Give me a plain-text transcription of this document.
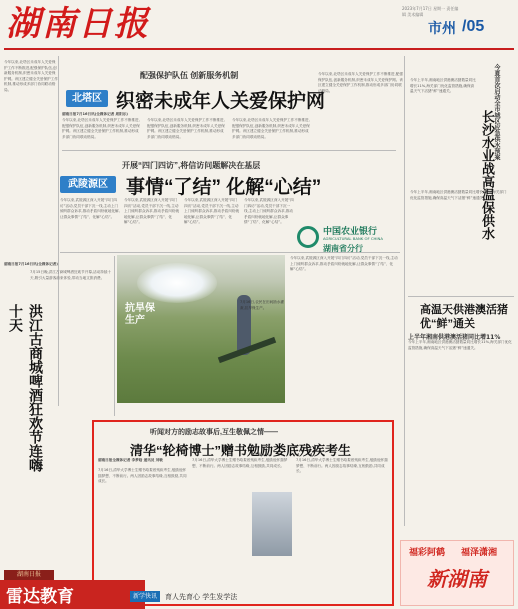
湖南日报	2023年7月17日 星期一 责任编辑 美术编辑
市州 /05
配强保护队伍 创新服务机制
北塔区 织密未成年人关爱保护网
湖南日报7月16日讯(全媒体记者 周阳乐)
今年以来,北塔区未成年人关爱保护工作不断推进,配强保护队伍,创新服务机制,织密未成年人关爱保护网。该区建立健全关爱保护工作机制,推动形成多部门协同联动格局。
今年以来,北塔区未成年人关爱保护工作不断推进,配强保护队伍,创新服务机制,织密未成年人关爱保护网。该区建立健全关爱保护工作机制,推动形成多部门协同联动格局。
今年以来,北塔区未成年人关爱保护工作不断推进,配强保护队伍,创新服务机制,织密未成年人关爱保护网。该区建立健全关爱保护工作机制,推动形成多部门协同联动格局。
今年以来,北塔区未成年人关爱保护工作不断推进,配强保护队伍,创新服务机制,织密未成年人关爱保护网。该区建立健全关爱保护工作机制,推动形成多部门协同联动格局。
开展“四门四访”,将信访问题解决在基层
武陵源区 事情“了结” 化解“心结”
今年以来,武陵源区深入开展“四门四访”活动,党员干部下沉一线,主动上门倾听群众诉求,推动矛盾纠纷就地化解,让群众事情“了结”、化解“心结”。
今年以来,武陵源区深入开展“四门四访”活动,党员干部下沉一线,主动上门倾听群众诉求,推动矛盾纠纷就地化解,让群众事情“了结”、化解“心结”。
今年以来,武陵源区深入开展“四门四访”活动,党员干部下沉一线,主动上门倾听群众诉求,推动矛盾纠纷就地化解,让群众事情“了结”、化解“心结”。
今年以来,武陵源区深入开展“四门四访”活动,党员干部下沉一线,主动上门倾听群众诉求,推动矛盾纠纷就地化解,让群众事情“了结”、化解“心结”。
今年以来,北塔区未成年人关爱保护工作不断推进,配强保护队伍,创新服务机制,织密未成年人关爱保护网。该区建立健全关爱保护工作机制,推动形成多部门协同联动格局。
中国农业银行
AGRICULTURAL BANK OF CHINA
湖南省分行
湖南日报7月16日讯(全媒体记者)
洪江古商城啤酒狂欢节连嗨十天
7月15日晚,洪江古商城啤酒狂欢节开幕,活动持续十天,吸引大量游客前来体验,带动当地文旅消费。
抗旱保生产
7月16日,农民在田间抽水灌溉,抗旱保生产。
今年以来,武陵源区深入开展“四门四访”活动,党员干部下沉一线,主动上门倾听群众诉求,推动矛盾纠纷就地化解,让群众事情“了结”、化解“心结”。
今年上半年,湘南地区供港澳活猪数量同比增长11%,海关部门优化监管措施,确保高温天气下活猪“鲜”速通关。	今夏首次启动全市城区应急供水预案
长沙水业战高温保供水
今年上半年,湘南地区供港澳活猪数量同比增长11%,海关部门优化监管措施,确保高温天气下活猪“鲜”速通关。
高温天供港澳活猪优“鲜”通关
上半年湘南供港澳活猪同比增11%
今年上半年,湘南地区供港澳活猪数量同比增长11%,海关部门优化监管措施,确保高温天气下活猪“鲜”速通关。
听闻对方的励志故事后,互生敬佩之情——
清华“轮椅博士”赠书勉励娄底残疾考生
湖南日报全媒体记者 李梦晗 通讯员 刘敏
7月16日,清华大学博士生赠书给娄底残疾考生,勉励他怀揣梦想、不断前行。两人因励志故事结缘,互相鼓励,共同成长。
7月16日,清华大学博士生赠书给娄底残疾考生,勉励他怀揣梦想、不断前行。两人因励志故事结缘,互相鼓励,共同成长。
7月16日,清华大学博士生赠书给娄底残疾考生,勉励他怀揣梦想、不断前行。两人因励志故事结缘,互相鼓励,共同成长。
湖南日报
雷达教育	新学快讯	育人先育心 学生发学法
福彩阿鹤 福泽潇湘
新湖南
